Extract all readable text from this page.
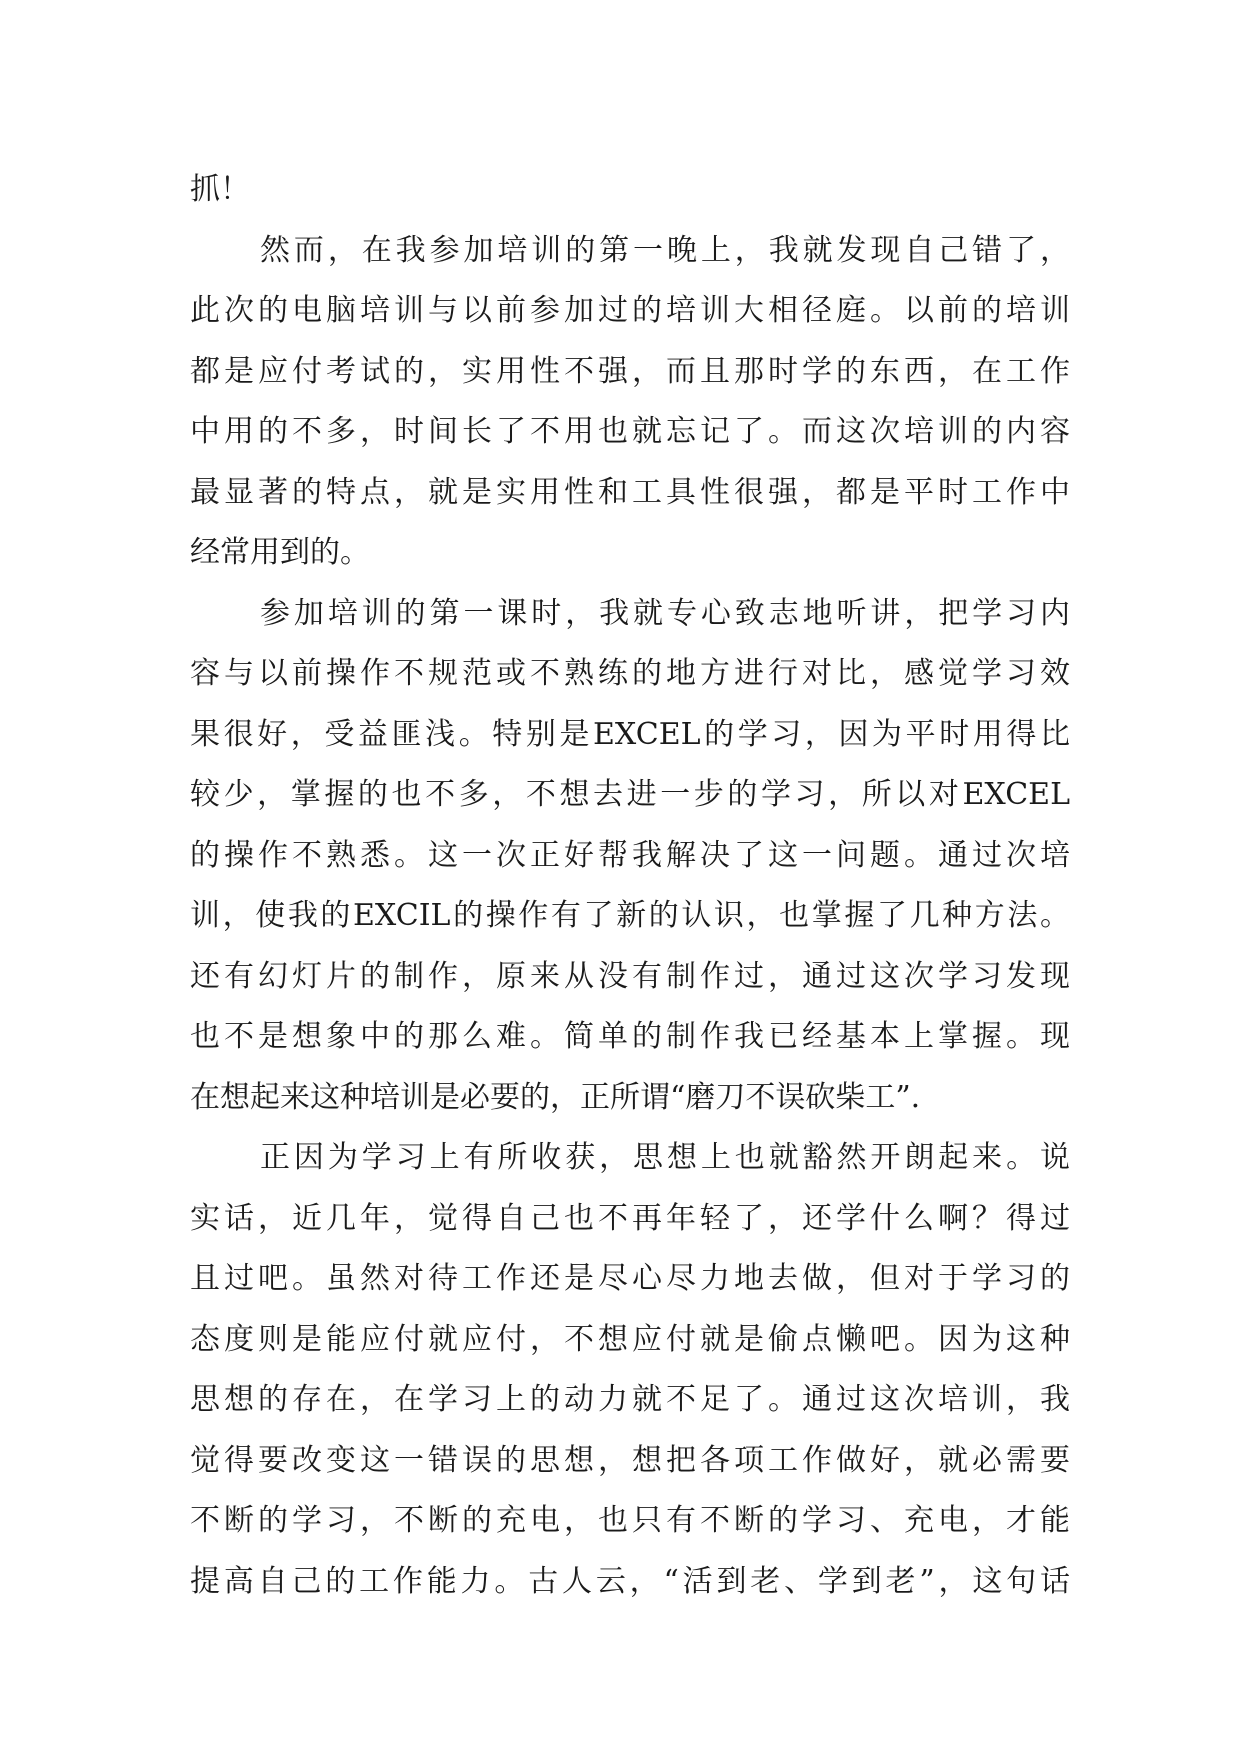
抓！
然而，在我参加培训的第一晚上，我就发现自己错了，
此次的电脑培训与以前参加过的培训大相径庭。以前的培训
都是应付考试的，实用性不强，而且那时学的东西，在工作
中用的不多，时间长了不用也就忘记了。而这次培训的内容
最显著的特点，就是实用性和工具性很强，都是平时工作中
经常用到的。
参加培训的第一课时，我就专心致志地听讲，把学习内
容与以前操作不规范或不熟练的地方进行对比，感觉学习效
果很好，受益匪浅。特别是EXCEL的学习，因为平时用得比
较少，掌握的也不多，不想去进一步的学习，所以对EXCEL
的操作不熟悉。这一次正好帮我解决了这一问题。通过次培
训，使我的EXCIL的操作有了新的认识，也掌握了几种方法。
还有幻灯片的制作，原来从没有制作过，通过这次学习发现
也不是想象中的那么难。简单的制作我已经基本上掌握。现
在想起来这种培训是必要的，正所谓“磨刀不误砍柴工”.
正因为学习上有所收获，思想上也就豁然开朗起来。说
实话，近几年，觉得自己也不再年轻了，还学什么啊？得过
且过吧。虽然对待工作还是尽心尽力地去做，但对于学习的
态度则是能应付就应付，不想应付就是偷点懒吧。因为这种
思想的存在，在学习上的动力就不足了。通过这次培训，我
觉得要改变这一错误的思想，想把各项工作做好，就必需要
不断的学习，不断的充电，也只有不断的学习、充电，才能
提高自己的工作能力。古人云，“活到老、学到老”，这句话
